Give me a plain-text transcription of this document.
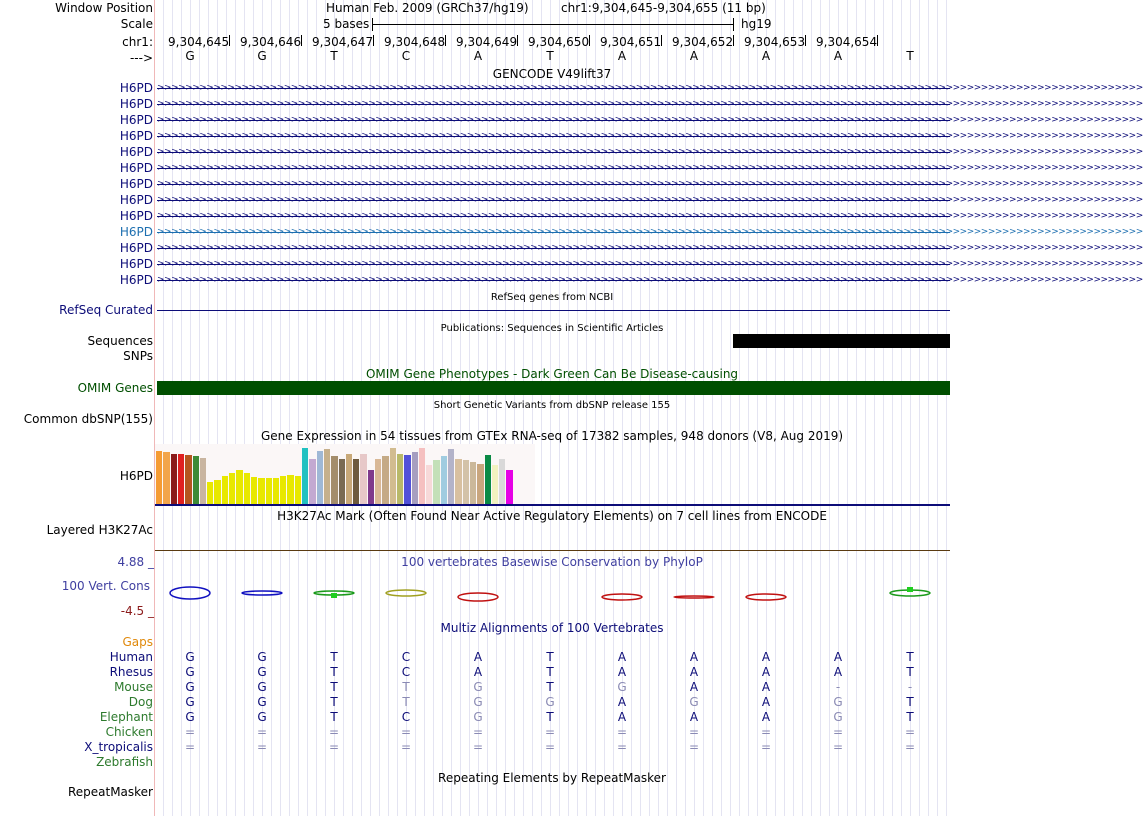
Window Position	Human Feb. 2009 (GRCh37/hg19)	chr1:9,304,645-9,304,655 (11 bp)
Scale	5 bases	hg19
chr1: 9,304,645 9,304,646 9,304,647 9,304,648 9,304,649 9,304,650 9,304,651 9,304,652 9,304,653 9,304,654
--->	G	G	T	C	A	T	A	A	A	A	T
GENCODE V49lift37
H6PD >>>>>>>>>>>>>>>>>>>>>>>>>>>>>>>>>>>>>>>>>>>>>>>>>>>>>>>>>>>>>>>>>>>>>>>>>>>>>>>>>>>>>>>>>>>>>>>>>>>>>>>>>>>>>>>>>>>>>>>>>>>>>>>>>>>>>>>>>>>>
H6PD >>>>>>>>>>>>>>>>>>>>>>>>>>>>>>>>>>>>>>>>>>>>>>>>>>>>>>>>>>>>>>>>>>>>>>>>>>>>>>>>>>>>>>>>>>>>>>>>>>>>>>>>>>>>>>>>>>>>>>>>>>>>>>>>>>>>>>>>>>>>
H6PD >>>>>>>>>>>>>>>>>>>>>>>>>>>>>>>>>>>>>>>>>>>>>>>>>>>>>>>>>>>>>>>>>>>>>>>>>>>>>>>>>>>>>>>>>>>>>>>>>>>>>>>>>>>>>>>>>>>>>>>>>>>>>>>>>>>>>>>>>>>>
H6PD >>>>>>>>>>>>>>>>>>>>>>>>>>>>>>>>>>>>>>>>>>>>>>>>>>>>>>>>>>>>>>>>>>>>>>>>>>>>>>>>>>>>>>>>>>>>>>>>>>>>>>>>>>>>>>>>>>>>>>>>>>>>>>>>>>>>>>>>>>>>
H6PD >>>>>>>>>>>>>>>>>>>>>>>>>>>>>>>>>>>>>>>>>>>>>>>>>>>>>>>>>>>>>>>>>>>>>>>>>>>>>>>>>>>>>>>>>>>>>>>>>>>>>>>>>>>>>>>>>>>>>>>>>>>>>>>>>>>>>>>>>>>>
H6PD >>>>>>>>>>>>>>>>>>>>>>>>>>>>>>>>>>>>>>>>>>>>>>>>>>>>>>>>>>>>>>>>>>>>>>>>>>>>>>>>>>>>>>>>>>>>>>>>>>>>>>>>>>>>>>>>>>>>>>>>>>>>>>>>>>>>>>>>>>>>
H6PD >>>>>>>>>>>>>>>>>>>>>>>>>>>>>>>>>>>>>>>>>>>>>>>>>>>>>>>>>>>>>>>>>>>>>>>>>>>>>>>>>>>>>>>>>>>>>>>>>>>>>>>>>>>>>>>>>>>>>>>>>>>>>>>>>>>>>>>>>>>>
H6PD >>>>>>>>>>>>>>>>>>>>>>>>>>>>>>>>>>>>>>>>>>>>>>>>>>>>>>>>>>>>>>>>>>>>>>>>>>>>>>>>>>>>>>>>>>>>>>>>>>>>>>>>>>>>>>>>>>>>>>>>>>>>>>>>>>>>>>>>>>>>
H6PD >>>>>>>>>>>>>>>>>>>>>>>>>>>>>>>>>>>>>>>>>>>>>>>>>>>>>>>>>>>>>>>>>>>>>>>>>>>>>>>>>>>>>>>>>>>>>>>>>>>>>>>>>>>>>>>>>>>>>>>>>>>>>>>>>>>>>>>>>>>>
H6PD >>>>>>>>>>>>>>>>>>>>>>>>>>>>>>>>>>>>>>>>>>>>>>>>>>>>>>>>>>>>>>>>>>>>>>>>>>>>>>>>>>>>>>>>>>>>>>>>>>>>>>>>>>>>>>>>>>>>>>>>>>>>>>>>>>>>>>>>>>>>
H6PD >>>>>>>>>>>>>>>>>>>>>>>>>>>>>>>>>>>>>>>>>>>>>>>>>>>>>>>>>>>>>>>>>>>>>>>>>>>>>>>>>>>>>>>>>>>>>>>>>>>>>>>>>>>>>>>>>>>>>>>>>>>>>>>>>>>>>>>>>>>>
H6PD >>>>>>>>>>>>>>>>>>>>>>>>>>>>>>>>>>>>>>>>>>>>>>>>>>>>>>>>>>>>>>>>>>>>>>>>>>>>>>>>>>>>>>>>>>>>>>>>>>>>>>>>>>>>>>>>>>>>>>>>>>>>>>>>>>>>>>>>>>>>
H6PD >>>>>>>>>>>>>>>>>>>>>>>>>>>>>>>>>>>>>>>>>>>>>>>>>>>>>>>>>>>>>>>>>>>>>>>>>>>>>>>>>>>>>>>>>>>>>>>>>>>>>>>>>>>>>>>>>>>>>>>>>>>>>>>>>>>>>>>>>>>>
RefSeq genes from NCBI
RefSeq Curated
Publications: Sequences in Scientific Articles
Sequences
SNPs
OMIM Gene Phenotypes - Dark Green Can Be Disease-causing
OMIM Genes
Short Genetic Variants from dbSNP release 155
Common dbSNP(155)
Gene Expression in 54 tissues from GTEx RNA-seq of 17382 samples, 948 donors (V8, Aug 2019)
H6PD
H3K27Ac Mark (Often Found Near Active Regulatory Elements) on 7 cell lines from ENCODE
Layered H3K27Ac
100 vertebrates Basewise Conservation by PhyloP
4.88 _
100 Vert. Cons
-4.5 _
Multiz Alignments of 100 Vertebrates
Gaps
Human	G	G	T	C	A	T	A	A	A	A	T
Rhesus	G	G	T	C	A	T	A	A	A	A	T
Mouse	G	G	T	T	G	T	G	A	A	-	-
Dog	G	G	T	T	G	G	A	G	A	G	T
Elephant	G	G	T	C	G	T	A	A	A	G	T
Chicken	=	=	=	=	=	=	=	=	=	=	=
X_tropicalis	=	=	=	=	=	=	=	=	=	=	=
Zebrafish
Repeating Elements by RepeatMasker
RepeatMasker
